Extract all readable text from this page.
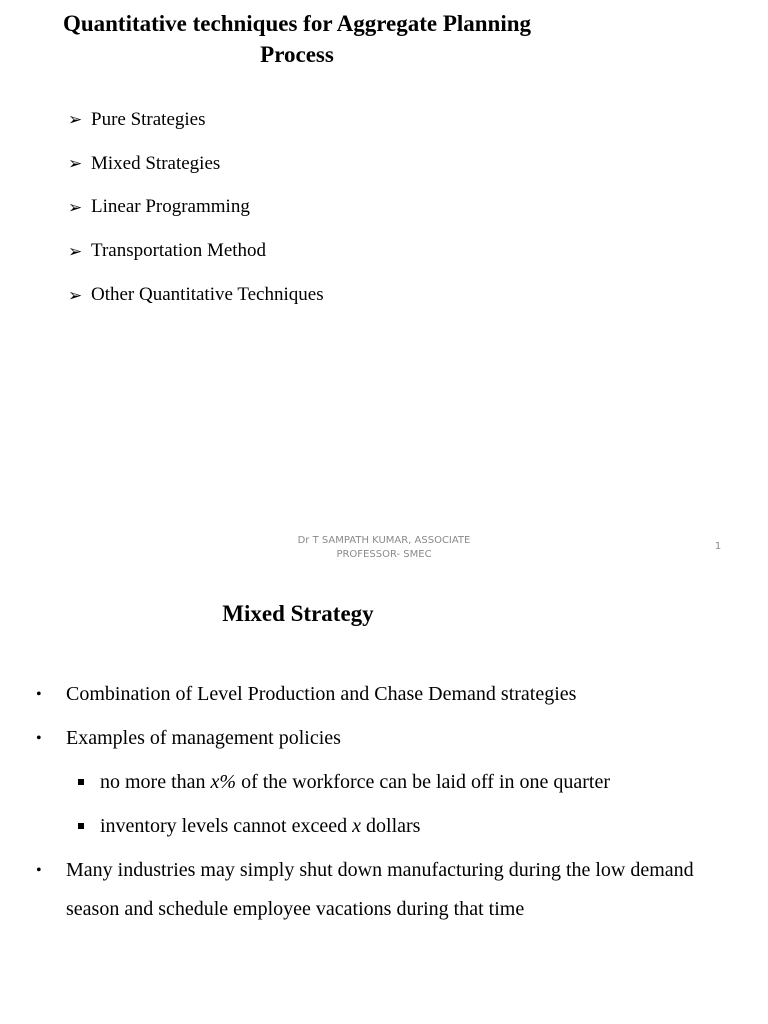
Quantitative techniques for Aggregate Planning Process
➢ Pure Strategies
➢ Mixed Strategies
➢ Linear Programming
➢ Transportation Method
➢ Other Quantitative Techniques
Dr T SAMPATH KUMAR, ASSOCIATE
PROFESSOR- SMEC
1
Mixed Strategy
• Combination of Level Production and Chase Demand strategies
• Examples of management policies
no more than x% of the workforce can be laid off in one quarter
inventory levels cannot exceed x dollars
• Many industries may simply shut down manufacturing during the low demand season and schedule employee vacations during that time
